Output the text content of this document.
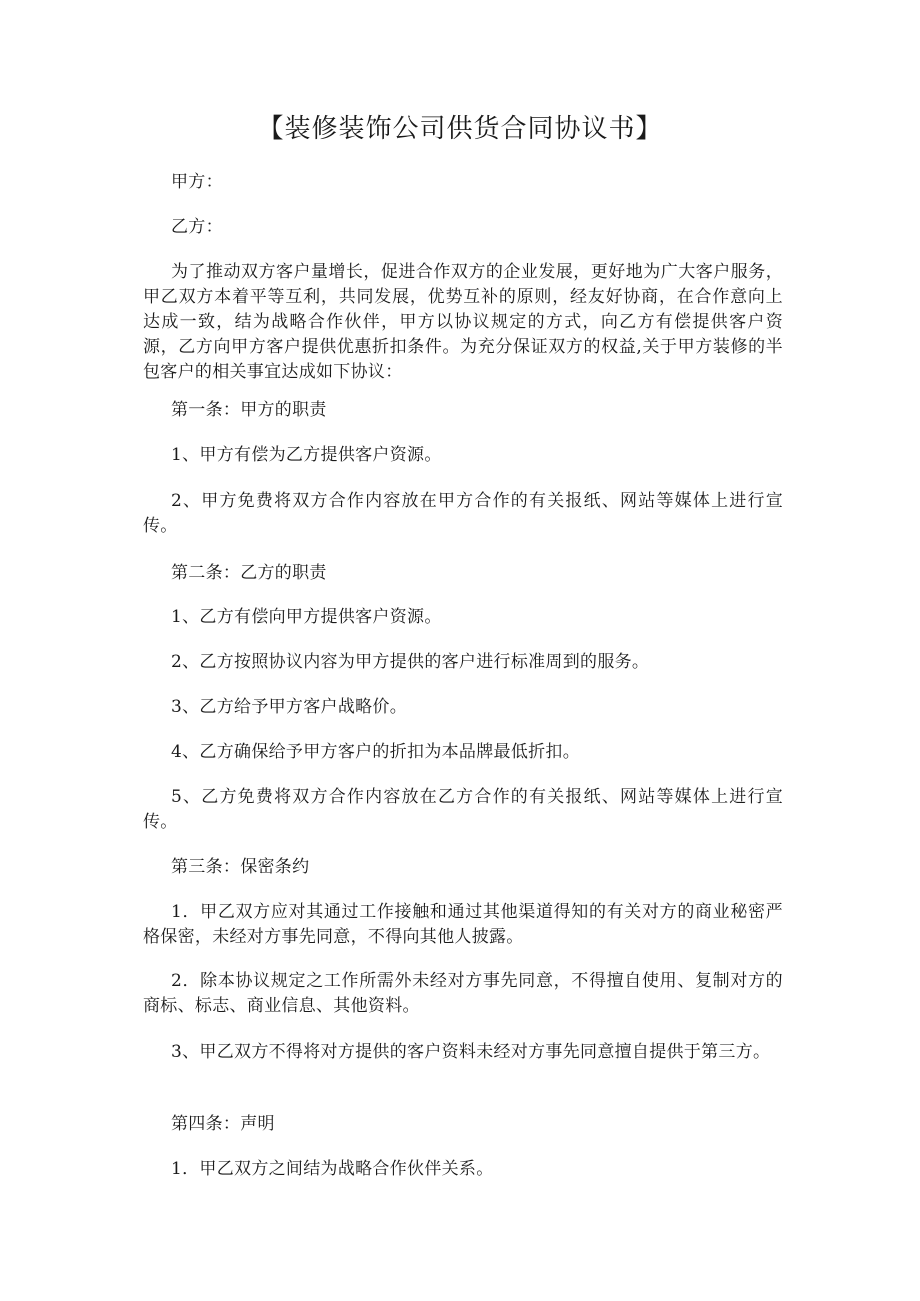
【装修装饰公司供货合同协议书】

甲方：

乙方：

为了推动双方客户量增长，促进合作双方的企业发展，更好地为广大客户服务，甲乙双方本着平等互利，共同发展，优势互补的原则，经友好协商，在合作意向上达成一致，结为战略合作伙伴，甲方以协议规定的方式，向乙方有偿提供客户资源，乙方向甲方客户提供优惠折扣条件。为充分保证双方的权益,关于甲方装修的半包客户的相关事宜达成如下协议：

第一条：甲方的职责

1、甲方有偿为乙方提供客户资源。

2、甲方免费将双方合作内容放在甲方合作的有关报纸、网站等媒体上进行宣传。

第二条：乙方的职责

1、乙方有偿向甲方提供客户资源。

2、乙方按照协议内容为甲方提供的客户进行标准周到的服务。

3、乙方给予甲方客户战略价。

4、乙方确保给予甲方客户的折扣为本品牌最低折扣。

5、乙方免费将双方合作内容放在乙方合作的有关报纸、网站等媒体上进行宣传。

第三条：保密条约

1．甲乙双方应对其通过工作接触和通过其他渠道得知的有关对方的商业秘密严格保密，未经对方事先同意，不得向其他人披露。

2．除本协议规定之工作所需外未经对方事先同意，不得擅自使用、复制对方的商标、标志、商业信息、其他资料。

3、甲乙双方不得将对方提供的客户资料未经对方事先同意擅自提供于第三方。

第四条：声明

1．甲乙双方之间结为战略合作伙伴关系。
